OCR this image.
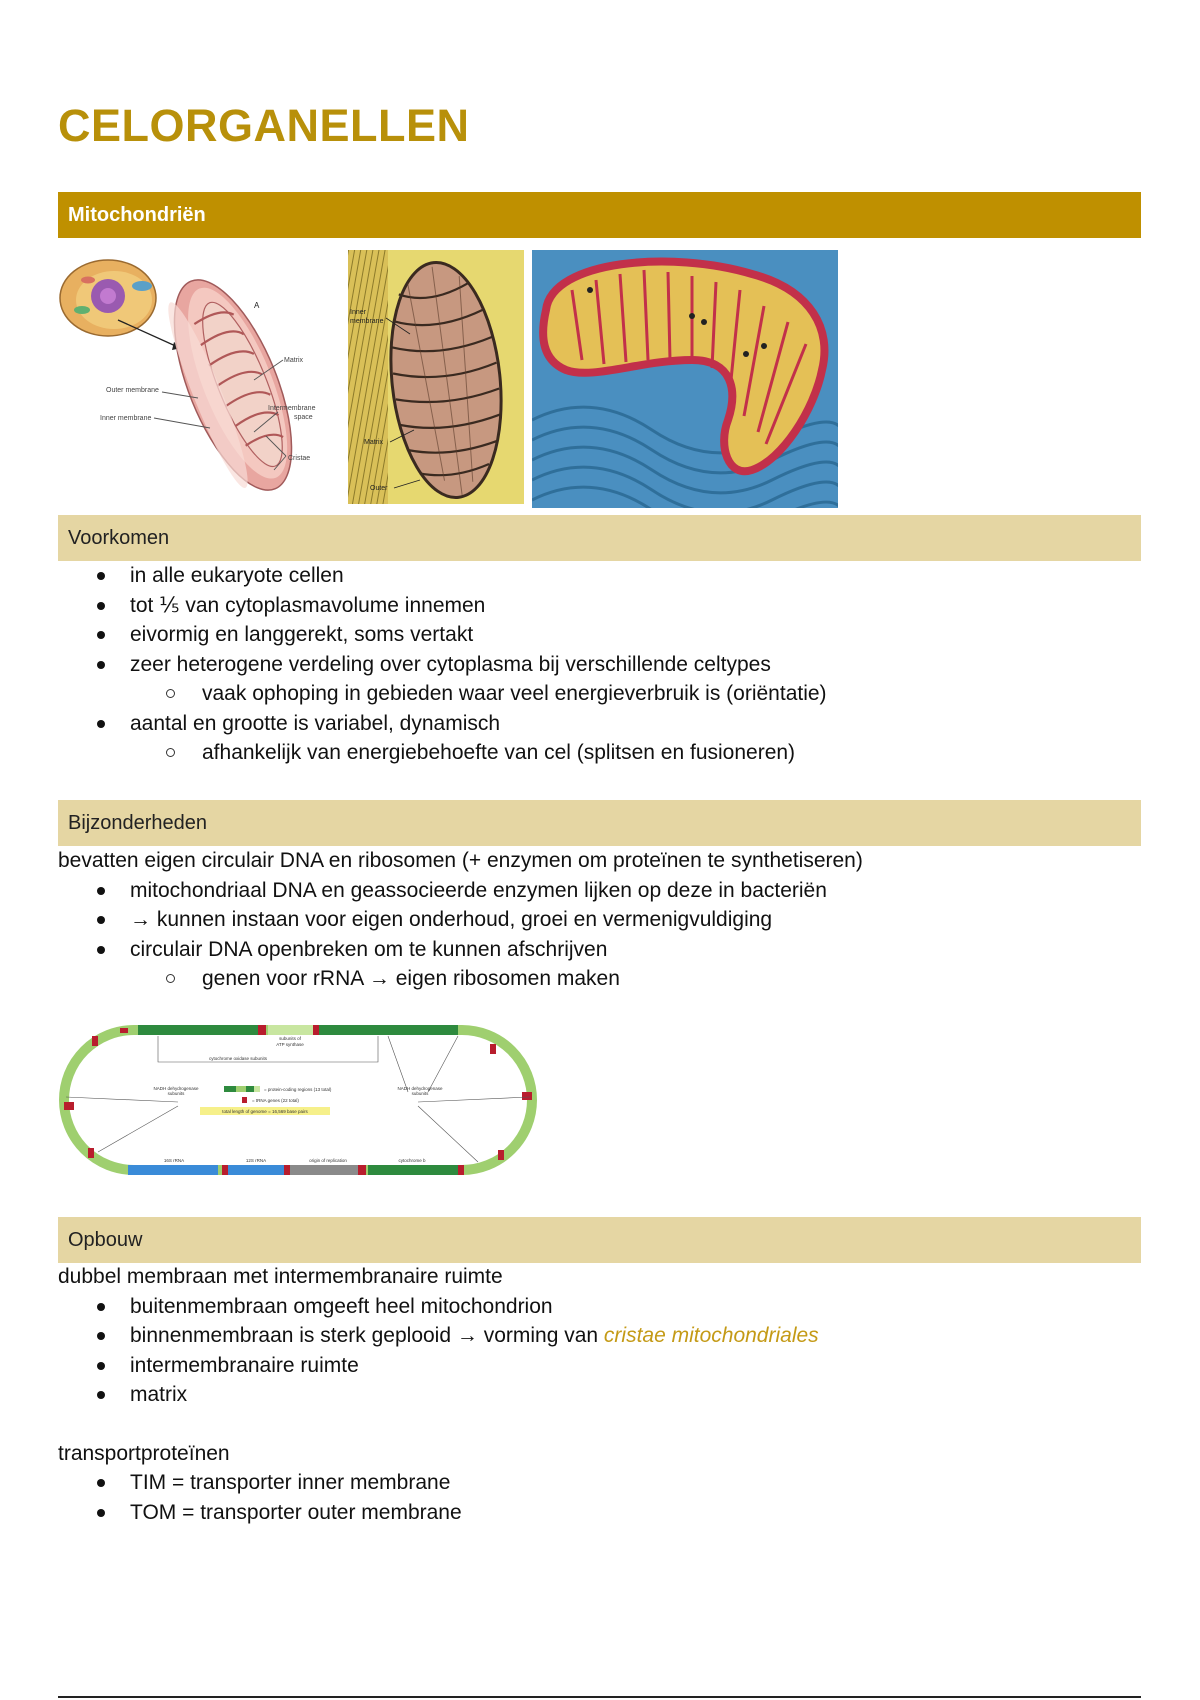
CELORGANELLEN
Mitochondriën
A
Outer membrane
Inner membrane
Matrix
Intermembrane
space
Cristae
Inner
membrane
Matrix
Outer
Voorkomen
in alle eukaryote cellen
tot ⅕ van cytoplasmavolume innemen
eivormig en langgerekt, soms vertakt
zeer heterogene verdeling over cytoplasma bij verschillende celtypes
vaak ophoping in gebieden waar veel energieverbruik is (oriëntatie)
aantal en grootte is variabel, dynamisch
afhankelijk van energiebehoefte van cel (splitsen en fusioneren)
Bijzonderheden

bevatten eigen circulair DNA en ribosomen (+ enzymen om proteïnen te synthetiseren)

mitochondriaal DNA en geassocieerde enzymen lijken op deze in bacteriën
→ kunnen instaan voor eigen onderhoud, groei en vermenigvuldiging
circulair DNA openbreken om te kunnen afschrijven
genen voor rRNA → eigen ribosomen maken
subunits of
ATP synthase
cytochrome oxidase subunits
NADH dehydrogenase
subunits
NADH dehydrogenase
subunits
= protein-coding regions (13 total)
= tRNA genes (22 total)
total length of genome = 16,569 base pairs
16S rRNA	12S rRNA	origin of replication	cytochrome b
Opbouw

dubbel membraan met intermembranaire ruimte

buitenmembraan omgeeft heel mitochondrion
binnenmembraan is sterk geplooid → vorming van cristae mitochondriales
intermembranaire ruimte
matrix

transportproteïnen

TIM = transporter inner membrane
TOM = transporter outer membrane
